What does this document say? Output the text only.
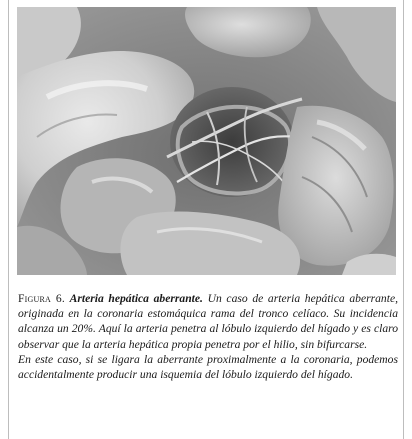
Figura 6. Arteria hepática aberrante. Un caso de arteria hepática aberrante, originada en la coronaria estomáquica rama del tronco celíaco. Su incidencia alcanza un 20%. Aquí la arteria penetra al lóbulo izquierdo del hígado y es claro observar que la arteria hepática propia penetra por el hilio, sin bifurcarse.

En este caso, si se ligara la aberrante proximalmente a la coronaria, podemos accidentalmente producir una isquemia del lóbulo izquierdo del hígado.
